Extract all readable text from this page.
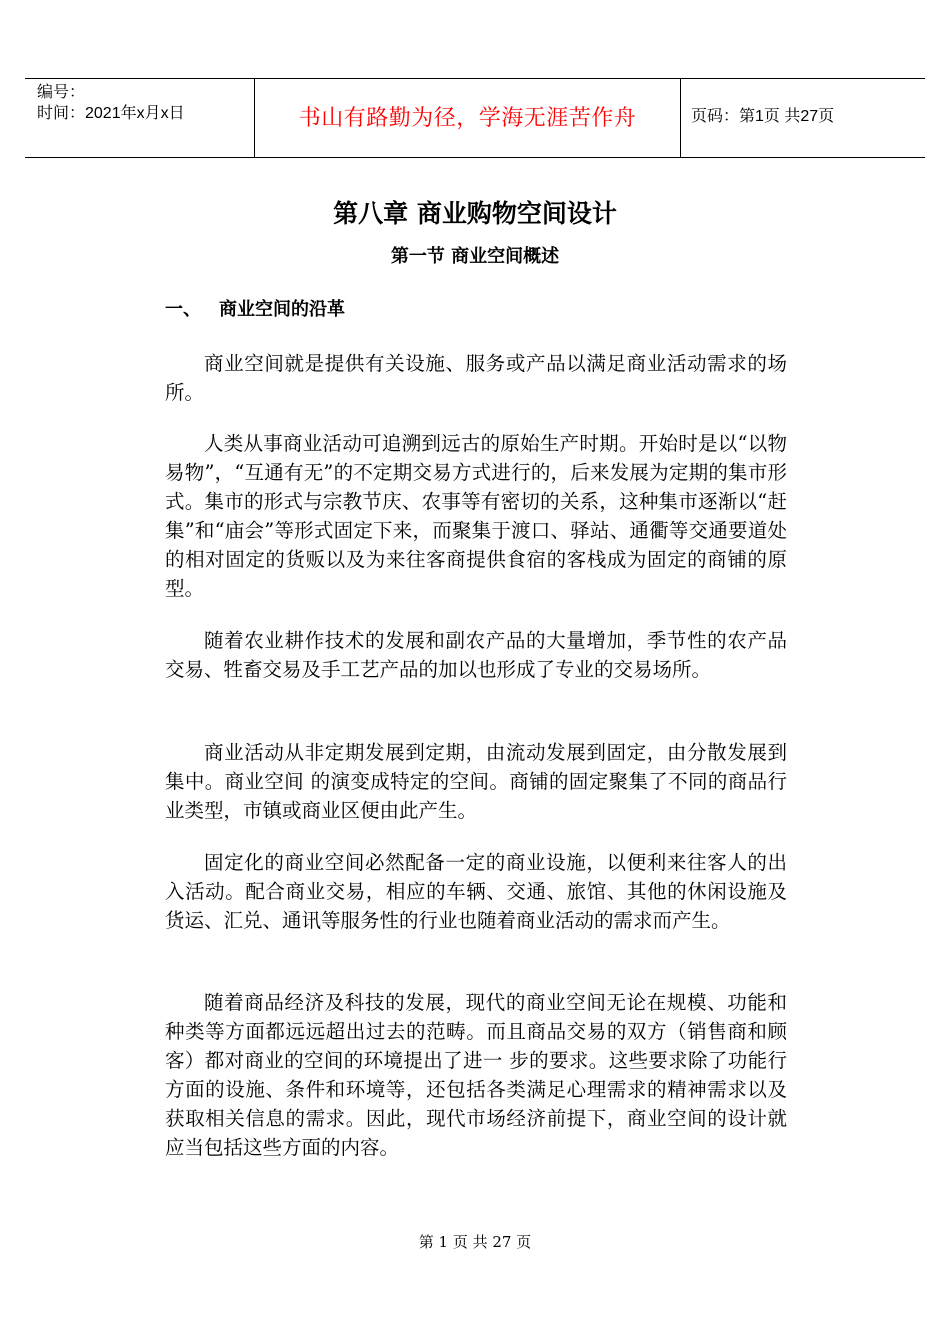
编号：
时间：2021年x月x日	书山有路勤为径，学海无涯苦作舟	页码：第1页 共27页
第八章 商业购物空间设计
第一节 商业空间概述
一、 商业空间的沿革

商业空间就是提供有关设施、服务或产品以满足商业活动需求的场所。

人类从事商业活动可追溯到远古的原始生产时期。开始时是以“以物易物”，“互通有无”的不定期交易方式进行的，后来发展为定期的集市形式。集市的形式与宗教节庆、农事等有密切的关系，这种集市逐渐以“赶集”和“庙会”等形式固定下来，而聚集于渡口、驿站、通衢等交通要道处的相对固定的货贩以及为来往客商提供食宿的客栈成为固定的商铺的原型。

随着农业耕作技术的发展和副农产品的大量增加，季节性的农产品交易、牲畜交易及手工艺产品的加以也形成了专业的交易场所。

商业活动从非定期发展到定期，由流动发展到固定，由分散发展到集中。商业空间 的演变成特定的空间。商铺的固定聚集了不同的商品行业类型，市镇或商业区便由此产生。

固定化的商业空间必然配备一定的商业设施，以便利来往客人的出入活动。配合商业交易，相应的车辆、交通、旅馆、其他的休闲设施及货运、汇兑、通讯等服务性的行业也随着商业活动的需求而产生。

随着商品经济及科技的发展，现代的商业空间无论在规模、功能和种类等方面都远远超出过去的范畴。而且商品交易的双方（销售商和顾客）都对商业的空间的环境提出了进一 步的要求。这些要求除了功能行方面的设施、条件和环境等，还包括各类满足心理需求的精神需求以及获取相关信息的需求。因此，现代市场经济前提下，商业空间的设计就应当包括这些方面的内容。

第 1 页 共 27 页
